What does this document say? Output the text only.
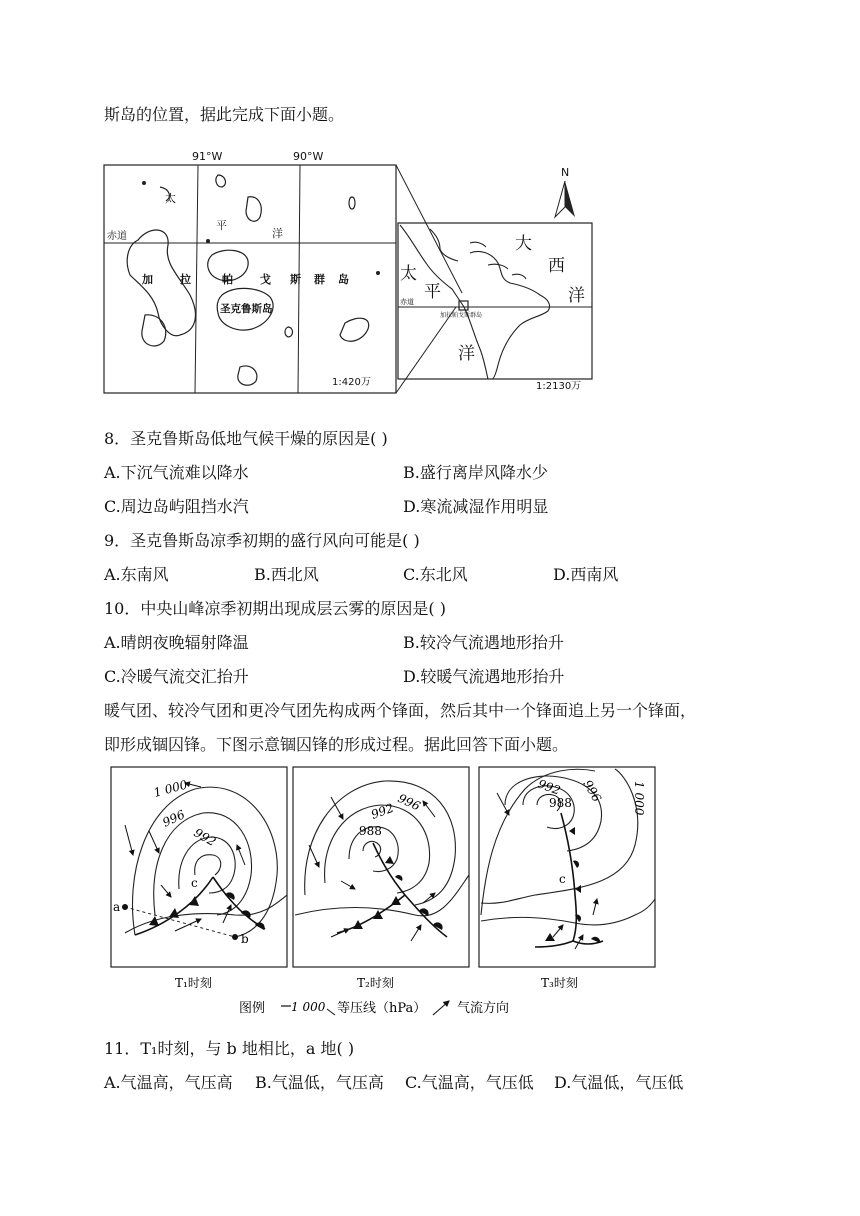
斯岛的位置，据此完成下面小题。
91°W	90°W
太
平
洋
赤道
加 拉	帕 戈 斯 群 岛
圣克鲁斯岛
1:420万
赤道
加拉帕戈斯群岛
N
大
西
洋
太
平
洋
1:2130万
8．圣克鲁斯岛低地气候干燥的原因是( )
A.下沉气流难以降水	B.盛行离岸风降水少
C.周边岛屿阻挡水汽	D.寒流减湿作用明显
9．圣克鲁斯岛凉季初期的盛行风向可能是( )
A.东南风	B.西北风	C.东北风	D.西南风
10．中央山峰凉季初期出现成层云雾的原因是( )
A.晴朗夜晚辐射降温	B.较冷气流遇地形抬升
C.冷暖气流交汇抬升	D.较暖气流遇地形抬升
暖气团、较冷气团和更冷气团先构成两个锋面，然后其中一个锋面追上另一个锋面，
即形成锢囚锋。下图示意锢囚锋的形成过程。据此回答下面小题。
1 000
996
992
a
b
c
T₁时刻
996
992
988
T₂时刻
992 996 1 000
988
c
T₃时刻
图例 1 000 等压线（hPa） 气流方向
11．T₁时刻，与 b 地相比，a 地( )
A.气温高，气压高 B.气温低，气压高 C.气温高，气压低 D.气温低，气压低
